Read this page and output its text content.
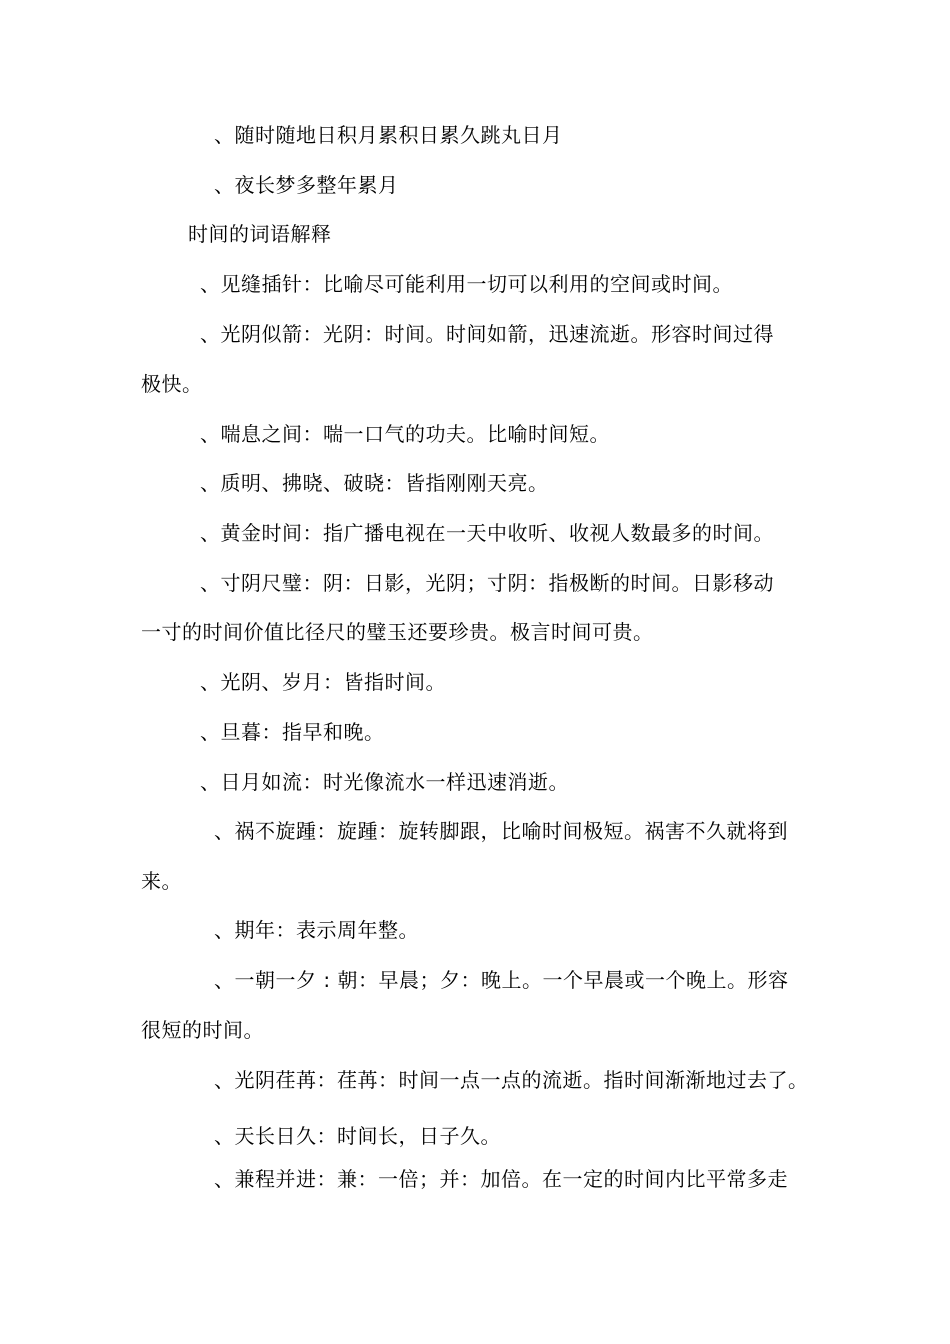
、随时随地日积月累积日累久跳丸日月
、夜长梦多整年累月
时间的词语解释
、见缝插针：比喻尽可能利用一切可以利用的空间或时间。
、光阴似箭：光阴：时间。时间如箭，迅速流逝。形容时间过得
极快。
、喘息之间：喘一口气的功夫。比喻时间短。
、质明、拂晓、破晓：皆指刚刚天亮。
、黄金时间：指广播电视在一天中收听、收视人数最多的时间。
、寸阴尺璧：阴：日影，光阴；寸阴：指极断的时间。日影移动
一寸的时间价值比径尺的璧玉还要珍贵。极言时间可贵。
、光阴、岁月：皆指时间。
、旦暮：指早和晚。
、日月如流：时光像流水一样迅速消逝。
、祸不旋踵：旋踵：旋转脚跟，比喻时间极短。祸害不久就将到
来。
、期年：表示周年整。
、一朝一夕 : 朝：早晨；夕：晚上。一个早晨或一个晚上。形容
很短的时间。
、光阴荏苒：荏苒：时间一点一点的流逝。指时间渐渐地过去了。
、天长日久：时间长，日子久。
、兼程并进：兼：一倍；并：加倍。在一定的时间内比平常多走
